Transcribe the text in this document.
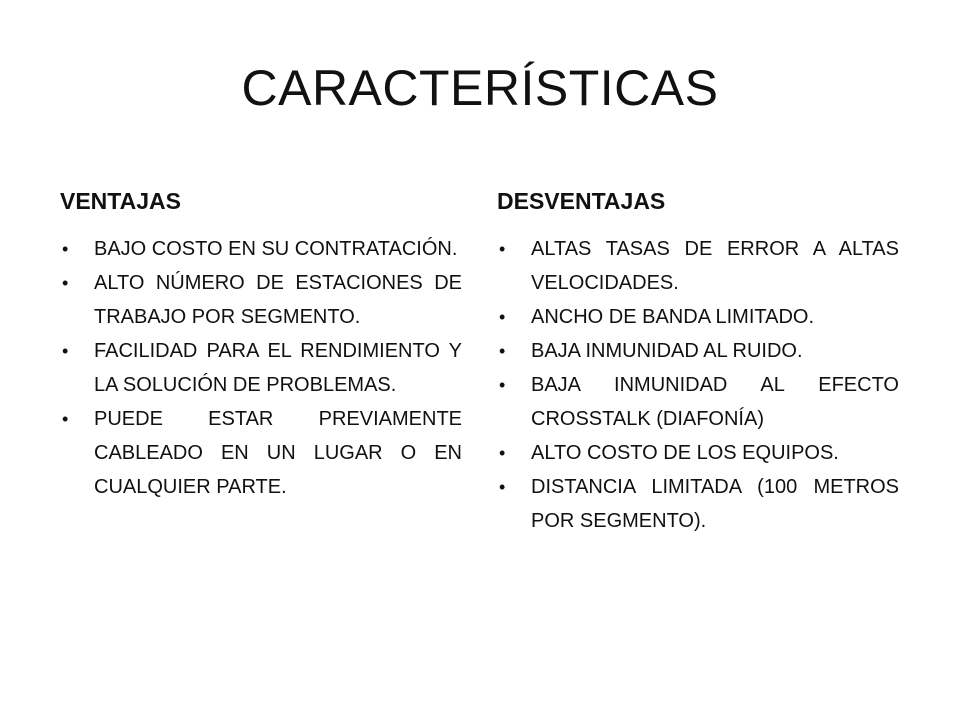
CARACTERÍSTICAS
VENTAJAS
• BAJO COSTO EN SU CONTRATACIÓN.
• ALTO NÚMERO DE ESTACIONES DE TRABAJO POR SEGMENTO.
• FACILIDAD PARA EL RENDIMIENTO Y LA SOLUCIÓN DE PROBLEMAS.
• PUEDE ESTAR PREVIAMENTE CABLEADO EN UN LUGAR O EN CUALQUIER PARTE.
DESVENTAJAS
• ALTAS TASAS DE ERROR A ALTAS VELOCIDADES.
• ANCHO DE BANDA LIMITADO.
• BAJA INMUNIDAD AL RUIDO.
• BAJA INMUNIDAD AL EFECTO CROSSTALK (DIAFONÍA)
• ALTO COSTO DE LOS EQUIPOS.
• DISTANCIA LIMITADA (100 METROS POR SEGMENTO).
